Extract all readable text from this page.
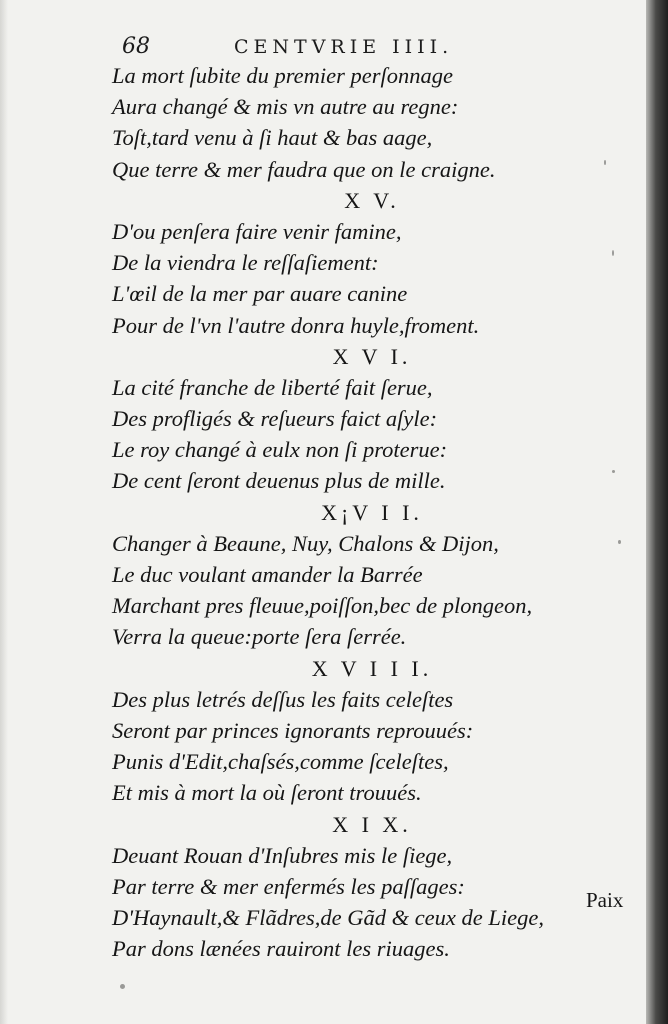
68	CENTVRIE IIII.
La mort ſubite du premier perſonnage
Aura changé & mis vn autre au regne:
Toſt,tard venu à ſi haut & bas aage,
Que terre & mer faudra que on le craigne.
X V.
D'ou penſera faire venir famine,
De la viendra le reſſaſiement:
L'œil de la mer par auare canine
Pour de l'vn l'autre donra huyle,froment.
X V I.
La cité franche de liberté fait ſerue,
Des profligés & reſueurs faict aſyle:
Le roy changé à eulx non ſi proterue:
De cent ſeront deuenus plus de mille.
X¡V I I.
Changer à Beaune, Nuy, Chalons & Dijon,
Le duc voulant amander la Barrée
Marchant pres fleuue,poiſſon,bec de plongeon,
Verra la queue:porte ſera ſerrée.
X V I I I.
Des plus letrés deſſus les faits celeſtes
Seront par princes ignorants reprouués:
Punis d'Edit,chaſsés,comme ſceleſtes,
Et mis à mort la où ſeront trouués.
X I X.
Deuant Rouan d'Inſubres mis le ſiege,
Par terre & mer enfermés les paſſages:
D'Haynault,& Flãdres,de Gãd & ceux de Liege,
Par dons lænées rauiront les riuages.
Paix
